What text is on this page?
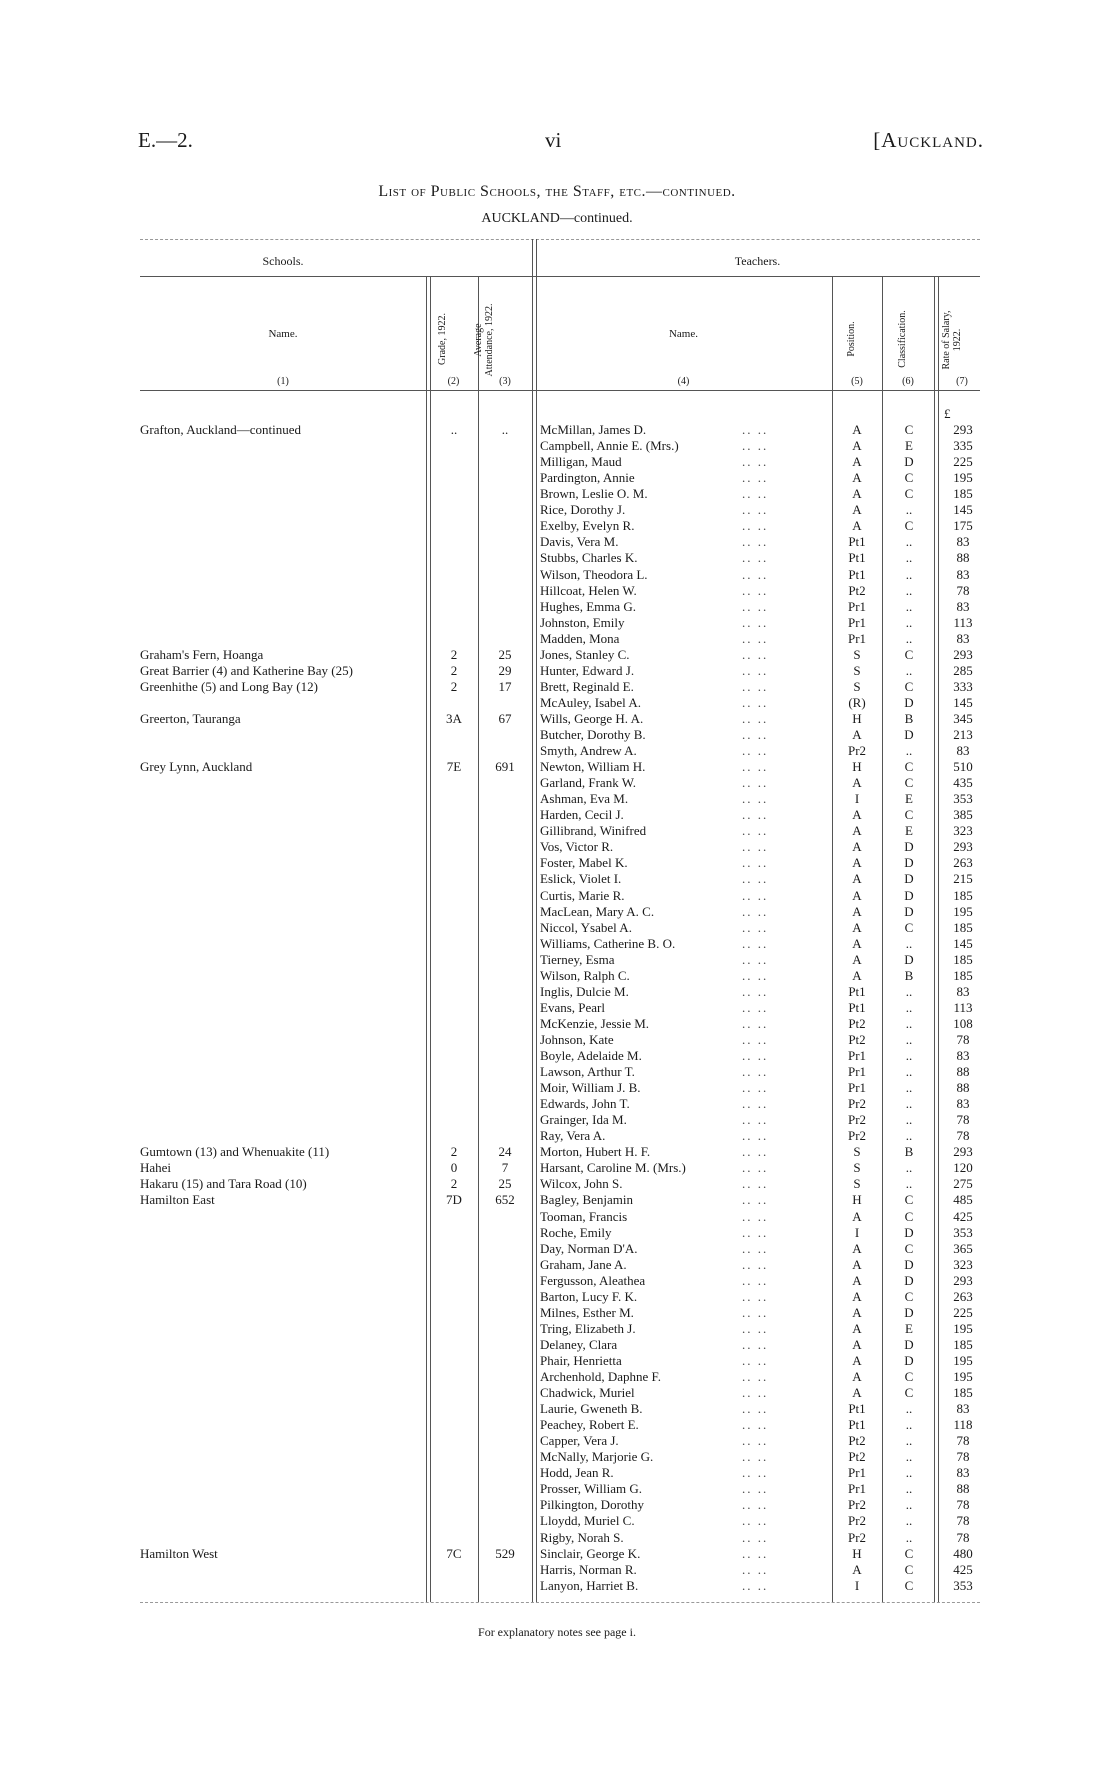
E.—2.	vi	[Auckland.
List of Public Schools, the Staff, etc.—continued.
AUCKLAND—continued.
Schools.	Teachers.
Name.	Grade, 1922.	Average Attendance, 1922.	Name.	Position.	Classification.	Rate of Salary, 1922.
(1)	(2)	(3)	(4)	(5)	(6)	(7)
£
Grafton, Auckland—continued	..	..	McMillan, James D.	A	C	293
.. ..
Campbell, Annie E. (Mrs.)	A	E	335
.. ..
Milligan, Maud	A	D	225
.. ..
Pardington, Annie	A	C	195
.. ..
Brown, Leslie O. M.	A	C	185
.. ..
Rice, Dorothy J.	A	..	145
.. ..
Exelby, Evelyn R.	A	C	175
.. ..
Davis, Vera M.	Pt1	..	83
.. ..
Stubbs, Charles K.	Pt1	..	88
.. ..
Wilson, Theodora L.	Pt1	..	83
.. ..
Hillcoat, Helen W.	Pt2	..	78
.. ..
Hughes, Emma G.	Pr1	..	83
.. ..
Johnston, Emily	Pr1	..	113
.. ..
Madden, Mona	Pr1	..	83
.. ..
Graham's Fern, Hoanga	2	25	Jones, Stanley C.	S	C	293
.. ..
Great Barrier (4) and Katherine Bay (25)	2	29	Hunter, Edward J.	S	..	285
.. ..
Greenhithe (5) and Long Bay (12)	2	17	Brett, Reginald E.	S	C	333
.. ..
McAuley, Isabel A.	(R)	D	145
.. ..
Greerton, Tauranga	3A	67	Wills, George H. A.	H	B	345
.. ..
Butcher, Dorothy B.	A	D	213
.. ..
Smyth, Andrew A.	Pr2	..	83
.. ..
Grey Lynn, Auckland	7E	691	Newton, William H.	H	C	510
.. ..
Garland, Frank W.	A	C	435
.. ..
Ashman, Eva M.	I	E	353
.. ..
Harden, Cecil J.	A	C	385
.. ..
Gillibrand, Winifred	A	E	323
.. ..
Vos, Victor R.	A	D	293
.. ..
Foster, Mabel K.	A	D	263
.. ..
Eslick, Violet I.	A	D	215
.. ..
Curtis, Marie R.	A	D	185
.. ..
MacLean, Mary A. C.	A	D	195
.. ..
Niccol, Ysabel A.	A	C	185
.. ..
Williams, Catherine B. O.	A	..	145
.. ..
Tierney, Esma	A	D	185
.. ..
Wilson, Ralph C.	A	B	185
.. ..
Inglis, Dulcie M.	Pt1	..	83
.. ..
Evans, Pearl	Pt1	..	113
.. ..
McKenzie, Jessie M.	Pt2	..	108
.. ..
Johnson, Kate	Pt2	..	78
.. ..
Boyle, Adelaide M.	Pr1	..	83
.. ..
Lawson, Arthur T.	Pr1	..	88
.. ..
Moir, William J. B.	Pr1	..	88
.. ..
Edwards, John T.	Pr2	..	83
.. ..
Grainger, Ida M.	Pr2	..	78
.. ..
Ray, Vera A.	Pr2	..	78
.. ..
Gumtown (13) and Whenuakite (11)	2	24	Morton, Hubert H. F.	S	B	293
.. ..
Hahei	0	7	Harsant, Caroline M. (Mrs.)	S	..	120
.. ..
Hakaru (15) and Tara Road (10)	2	25	Wilcox, John S.	S	..	275
.. ..
Hamilton East	7D	652	Bagley, Benjamin	H	C	485
.. ..
Tooman, Francis	A	C	425
.. ..
Roche, Emily	I	D	353
.. ..
Day, Norman D'A.	A	C	365
.. ..
Graham, Jane A.	A	D	323
.. ..
Fergusson, Aleathea	A	D	293
.. ..
Barton, Lucy F. K.	A	C	263
.. ..
Milnes, Esther M.	A	D	225
.. ..
Tring, Elizabeth J.	A	E	195
.. ..
Delaney, Clara	A	D	185
.. ..
Phair, Henrietta	A	D	195
.. ..
Archenhold, Daphne F.	A	C	195
.. ..
Chadwick, Muriel	A	C	185
.. ..
Laurie, Gweneth B.	Pt1	..	83
.. ..
Peachey, Robert E.	Pt1	..	118
.. ..
Capper, Vera J.	Pt2	..	78
.. ..
McNally, Marjorie G.	Pt2	..	78
.. ..
Hodd, Jean R.	Pr1	..	83
.. ..
Prosser, William G.	Pr1	..	88
.. ..
Pilkington, Dorothy	Pr2	..	78
.. ..
Lloydd, Muriel C.	Pr2	..	78
.. ..
Rigby, Norah S.	Pr2	..	78
.. ..
Hamilton West	7C	529	Sinclair, George K.	H	C	480
.. ..
Harris, Norman R.	A	C	425
.. ..
Lanyon, Harriet B.	I	C	353
.. ..
For explanatory notes see page i.
